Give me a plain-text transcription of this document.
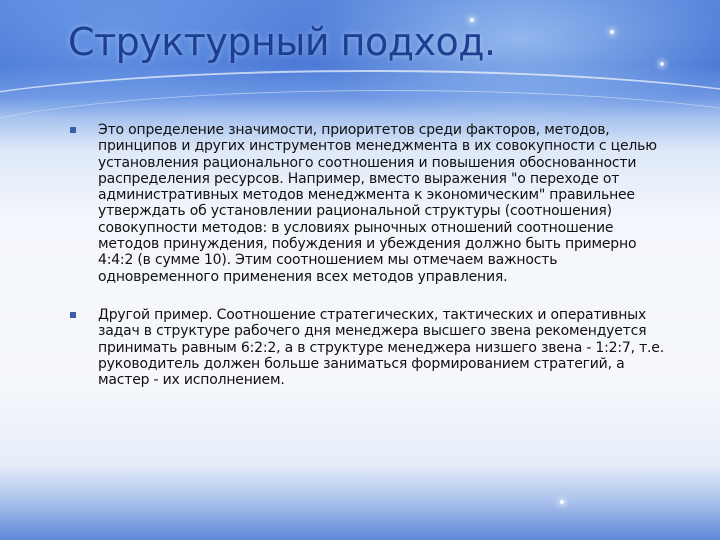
Структурный подход.
Это определение значимости, приоритетов среди факторов, методов, принципов и других инструментов менеджмента в их совокупности с целью установления рационального соотношения и повышения обоснованности распределения ресурсов. Например, вместо выражения "о переходе от административных методов менеджмента к экономическим" правильнее утверждать об установлении рациональной структуры (соотношения) совокупности методов: в условиях рыночных отношений соотношение методов принуждения, побуждения и убеждения должно быть примерно 4:4:2 (в сумме 10). Этим соотношением мы отмечаем важность одновременного применения всех методов управления.
Другой пример. Соотношение стратегических, тактических и оперативных задач в структуре рабочего дня менеджера высшего звена рекомендуется принимать равным 6:2:2, а в структуре менеджера низшего звена - 1:2:7, т.е. руководитель должен больше заниматься формированием стратегий, а мастер - их исполнением.
